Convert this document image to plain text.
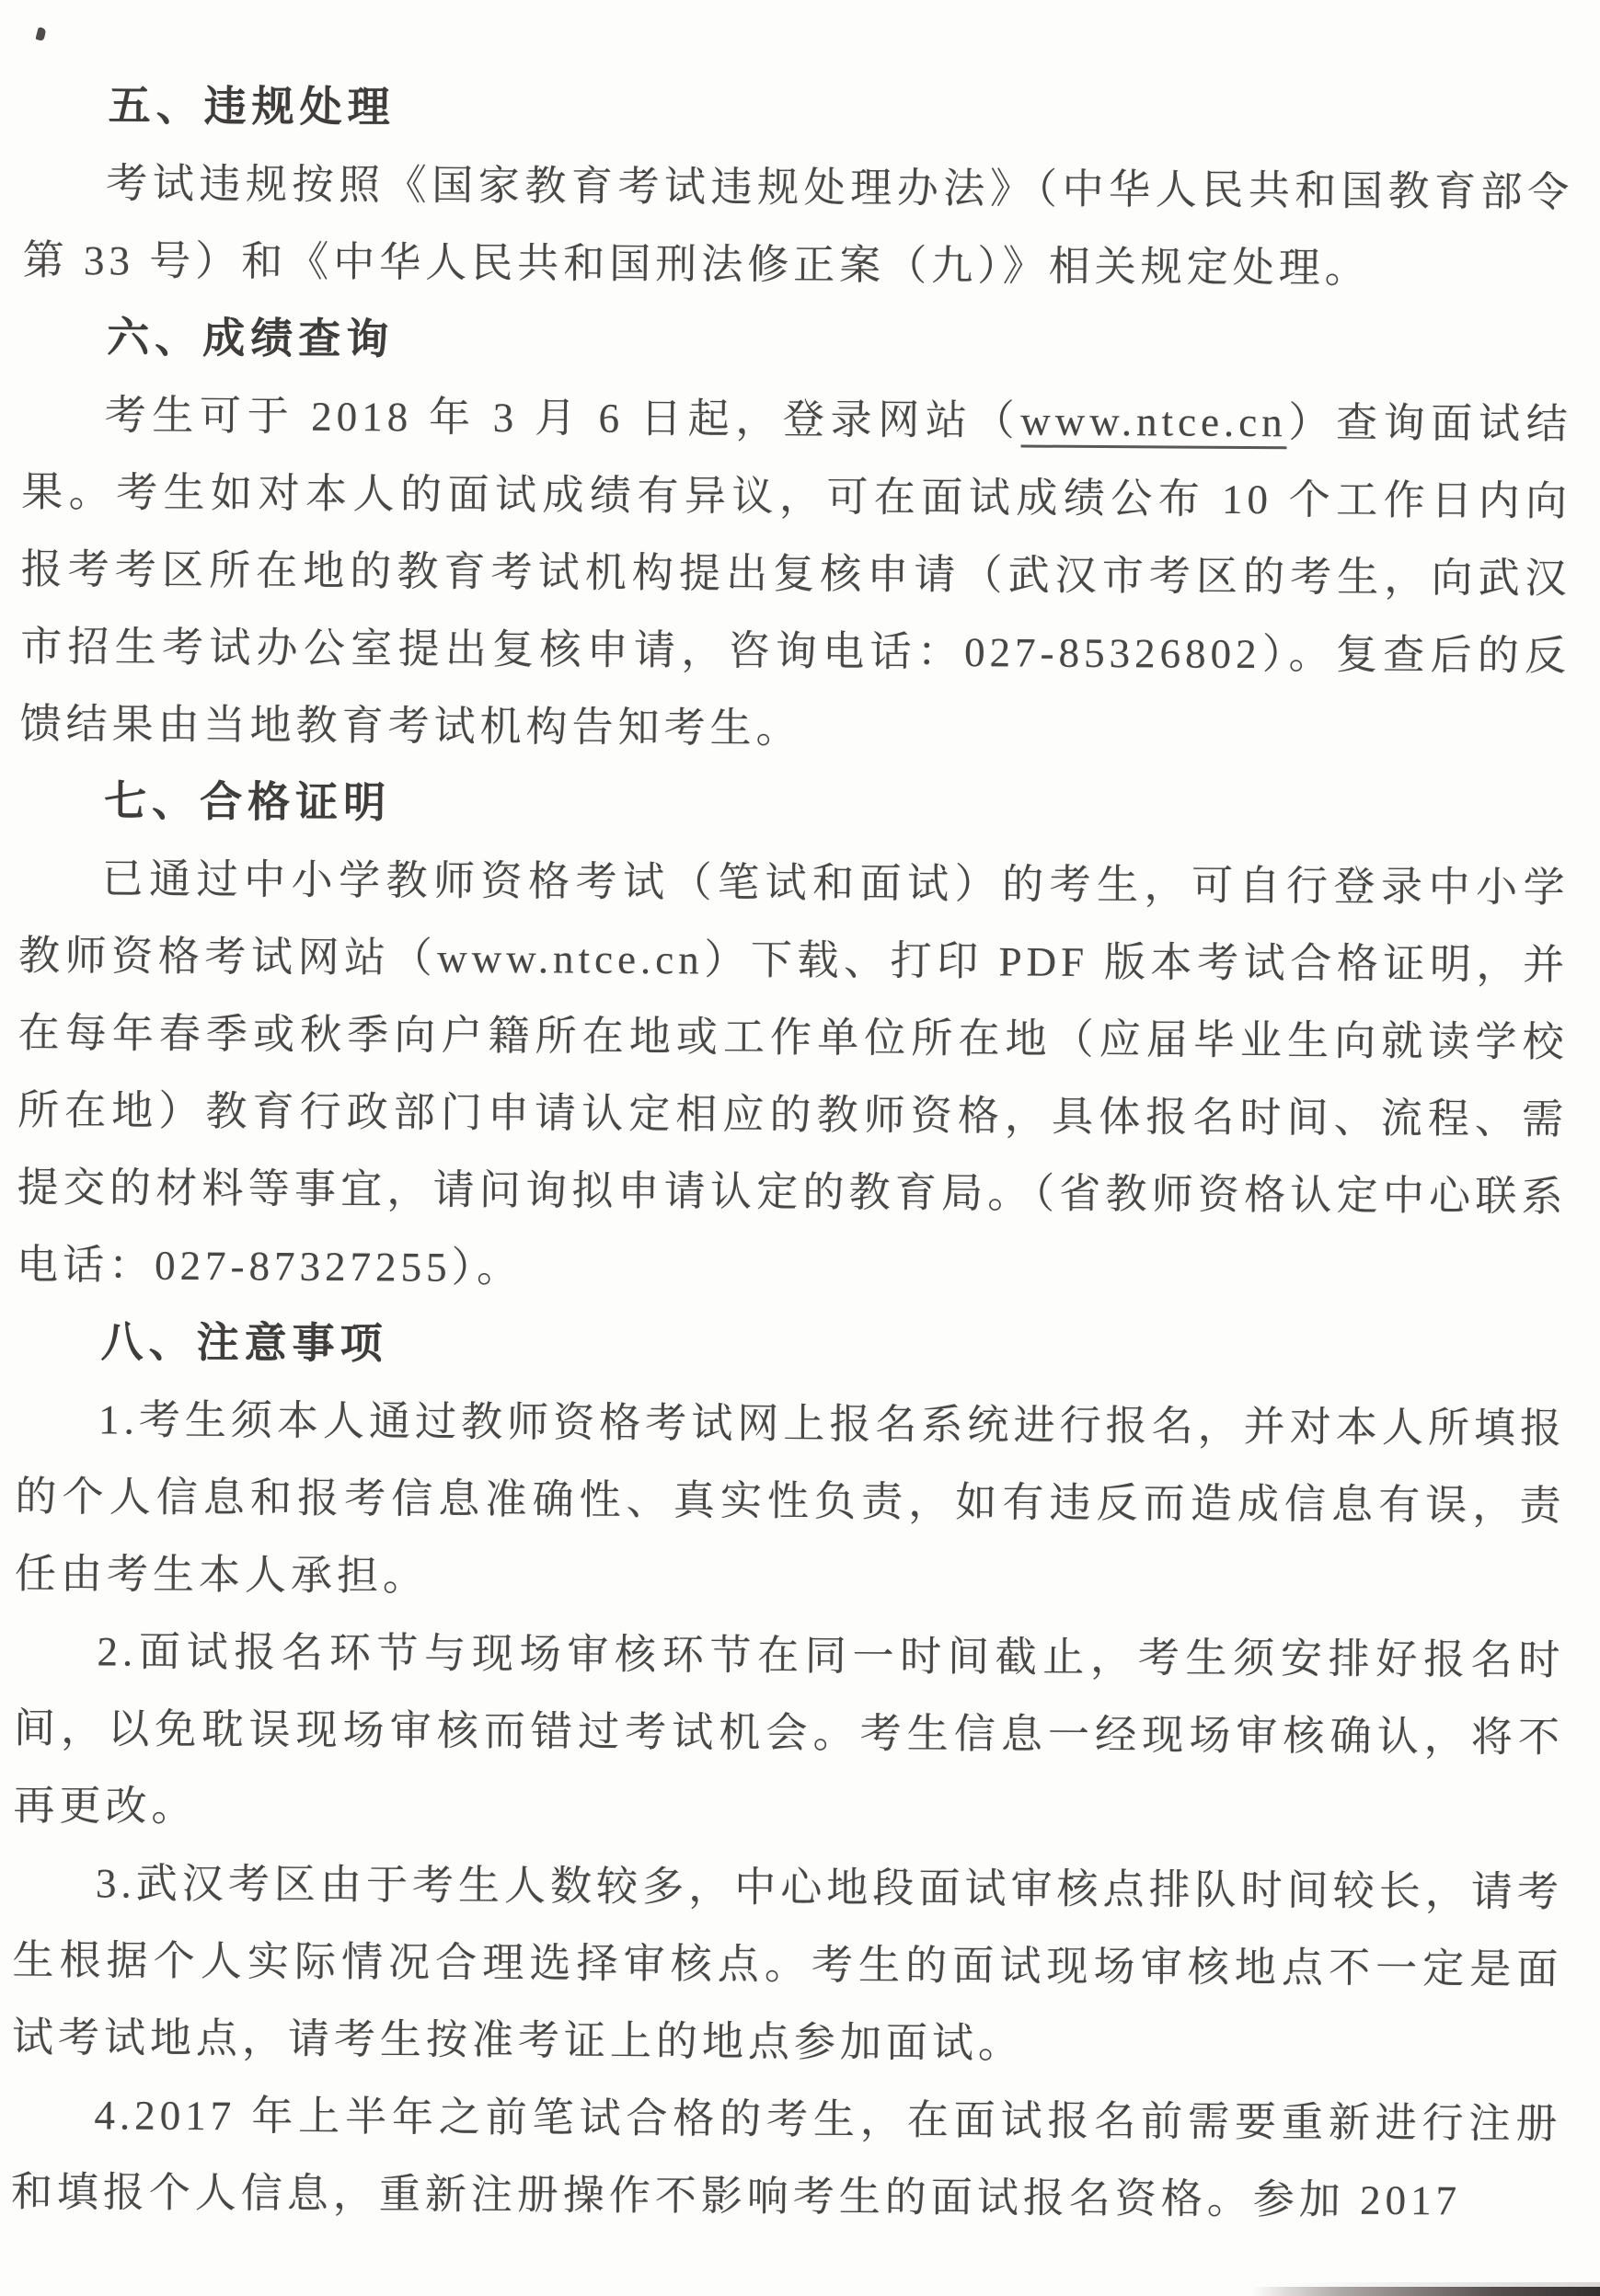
五、违规处理

考试违规按照《国家教育考试违规处理办法》（中华人民共和国教育部令第 33 号）和《中华人民共和国刑法修正案（九）》相关规定处理。

六、成绩查询

考生可于 2018 年 3 月 6 日起，登录网站（www.ntce.cn）查询面试结果。考生如对本人的面试成绩有异议，可在面试成绩公布 10 个工作日内向报考考区所在地的教育考试机构提出复核申请（武汉市考区的考生，向武汉市招生考试办公室提出复核申请，咨询电话：027-85326802）。复查后的反馈结果由当地教育考试机构告知考生。

七、合格证明

已通过中小学教师资格考试（笔试和面试）的考生，可自行登录中小学教师资格考试网站（www.ntce.cn）下载、打印 PDF 版本考试合格证明，并在每年春季或秋季向户籍所在地或工作单位所在地（应届毕业生向就读学校所在地）教育行政部门申请认定相应的教师资格，具体报名时间、流程、需提交的材料等事宜，请问询拟申请认定的教育局。（省教师资格认定中心联系电话：027-87327255）。

八、注意事项

1.考生须本人通过教师资格考试网上报名系统进行报名，并对本人所填报的个人信息和报考信息准确性、真实性负责，如有违反而造成信息有误，责任由考生本人承担。

2.面试报名环节与现场审核环节在同一时间截止，考生须安排好报名时间，以免耽误现场审核而错过考试机会。考生信息一经现场审核确认，将不再更改。

3.武汉考区由于考生人数较多，中心地段面试审核点排队时间较长，请考生根据个人实际情况合理选择审核点。考生的面试现场审核地点不一定是面试考试地点，请考生按准考证上的地点参加面试。

4.2017 年上半年之前笔试合格的考生，在面试报名前需要重新进行注册和填报个人信息，重新注册操作不影响考生的面试报名资格。参加 2017
